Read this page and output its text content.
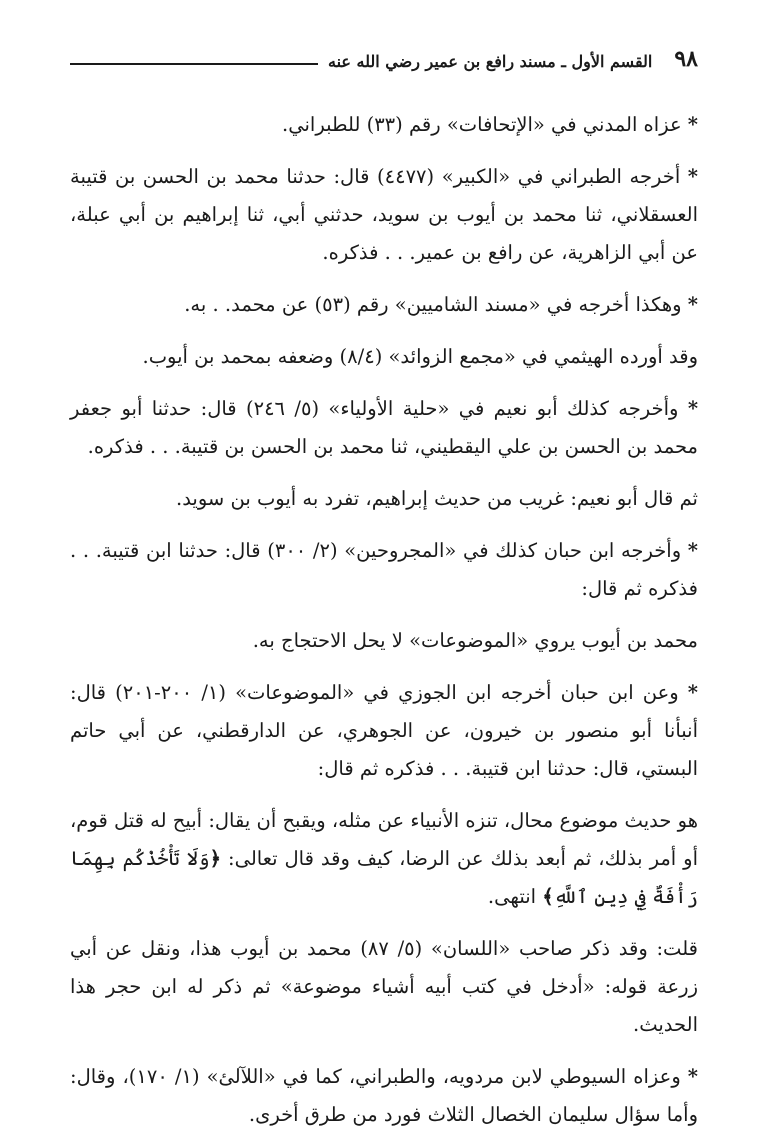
٩٨
القسم الأول ـ مسند رافع بن عمير رضي الله عنه

* عزاه المدني في «الإتحافات» رقم (٣٣) للطبراني.

* أخرجه الطبراني في «الكبير» (٤٤٧٧) قال: حدثنا محمد بن الحسن بن قتيبة العسقلاني، ثنا محمد بن أيوب بن سويد، حدثني أبي، ثنا إبراهيم بن أبي عبلة، عن أبي الزاهرية، عن رافع بن عمير. . . فذكره.

* وهكذا أخرجه في «مسند الشاميين» رقم (٥٣) عن محمد. . به.

وقد أورده الهيثمي في «مجمع الزوائد» (٨/٤) وضعفه بمحمد بن أيوب.

* وأخرجه كذلك أبو نعيم في «حلية الأولياء» (٥/ ٢٤٦) قال: حدثنا أبو جعفر محمد بن الحسن بن علي اليقطيني، ثنا محمد بن الحسن بن قتيبة. . . فذكره.

ثم قال أبو نعيم: غريب من حديث إبراهيم، تفرد به أيوب بن سويد.

* وأخرجه ابن حبان كذلك في «المجروحين» (٢/ ٣٠٠) قال: حدثنا ابن قتيبة. . . فذكره ثم قال:

محمد بن أيوب يروي «الموضوعات» لا يحل الاحتجاج به.

* وعن ابن حبان أخرجه ابن الجوزي في «الموضوعات» (١/ ٢٠٠-٢٠١) قال: أنبأنا أبو منصور بن خيرون، عن الجوهري، عن الدارقطني، عن أبي حاتم البستي، قال: حدثنا ابن قتيبة. . . فذكره ثم قال:

هو حديث موضوع محال، تنزه الأنبياء عن مثله، ويقبح أن يقال: أبيح له قتل قوم، أو أمر بذلك، ثم أبعد بذلك عن الرضا، كيف وقد قال تعالى: ﴿وَلَا تَأْخُذْكُم بِهِمَا رَأْفَةٌ فِي دِينِ ٱللَّهِ﴾ انتهى.

قلت: وقد ذكر صاحب «اللسان» (٥/ ٨٧) محمد بن أيوب هذا، ونقل عن أبي زرعة قوله: «أدخل في كتب أبيه أشياء موضوعة» ثم ذكر له ابن حجر هذا الحديث.

* وعزاه السيوطي لابن مردويه، والطبراني، كما في «اللآلئ» (١/ ١٧٠)، وقال: وأما سؤال سليمان الخصال الثلاث فورد من طرق أخرى.
